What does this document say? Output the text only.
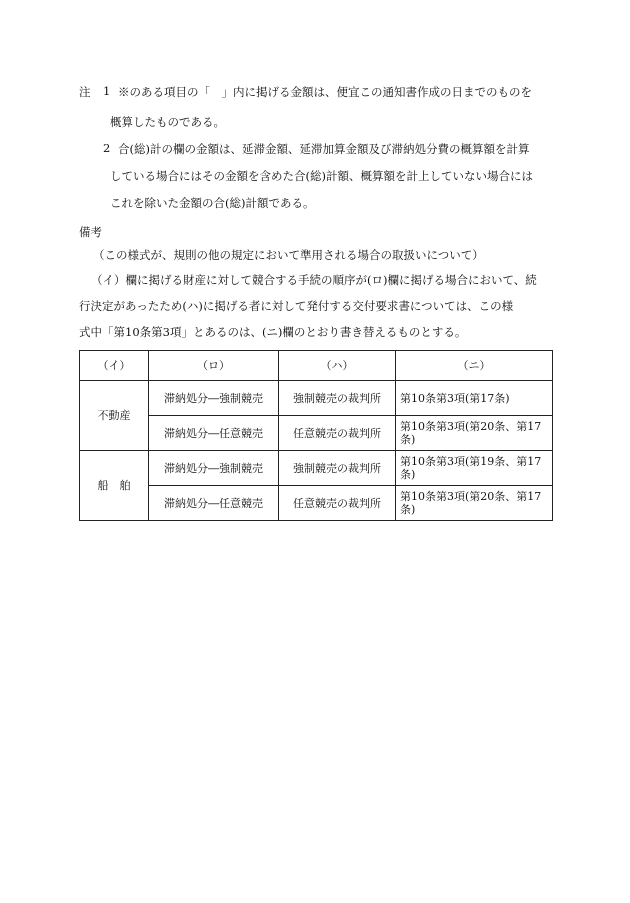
注 1 ※のある項目の「　」内に掲げる金額は、便宜この通知書作成の日までのものを
概算したものである。
2 合(総)計の欄の金額は、延滞金額、延滞加算金額及び滞納処分費の概算額を計算
している場合にはその金額を含めた合(総)計額、概算額を計上していない場合には
これを除いた金額の合(総)計額である。
備考
（この様式が、規則の他の規定において準用される場合の取扱いについて）
（イ）欄に掲げる財産に対して競合する手続の順序が(ロ)欄に掲げる場合において、続
行決定があったため(ハ)に掲げる者に対して発付する交付要求書については、この様
式中「第10条第3項」とあるのは、(ニ)欄のとおり書き替えるものとする。
（イ）	（ロ）	（ハ）	（ニ）
不動産	滞納処分―強制競売	強制競売の裁判所	第10条第3項(第17条)
	滞納処分―任意競売	任意競売の裁判所	第10条第3項(第20条、第17条)
船　舶	滞納処分―強制競売	強制競売の裁判所	第10条第3項(第19条、第17条)
	滞納処分―任意競売	任意競売の裁判所	第10条第3項(第20条、第17条)
